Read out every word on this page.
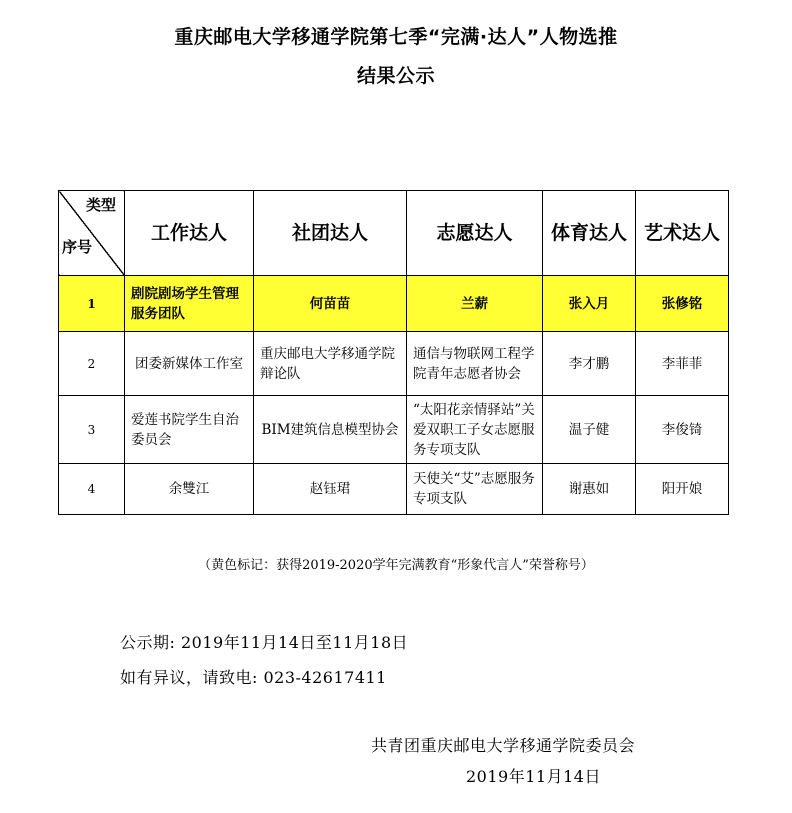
重庆邮电大学移通学院第七季“完满·达人”人物选推
结果公示
类型
序号	工作达人	社团达人	志愿达人	体育达人	艺术达人
1	剧院剧场学生管理服务团队	何苗苗	兰薪	张入月	张修铭
2	团委新媒体工作室	重庆邮电大学移通学院辩论队	通信与物联网工程学院青年志愿者协会	李才鹏	李菲菲
3	爱莲书院学生自治委员会	BIM建筑信息模型协会	“太阳花亲情驿站”关爱双职工子女志愿服务专项支队	温子健	李俊锜
4	余雙江	赵钰珺	天使关“艾”志愿服务专项支队	谢惠如	阳开娘
（黄色标记：获得2019-2020学年完满教育“形象代言人”荣誉称号）
公示期: 2019年11月14日至11月18日
如有异议，请致电: 023-42617411
共青团重庆邮电大学移通学院委员会
2019年11月14日
